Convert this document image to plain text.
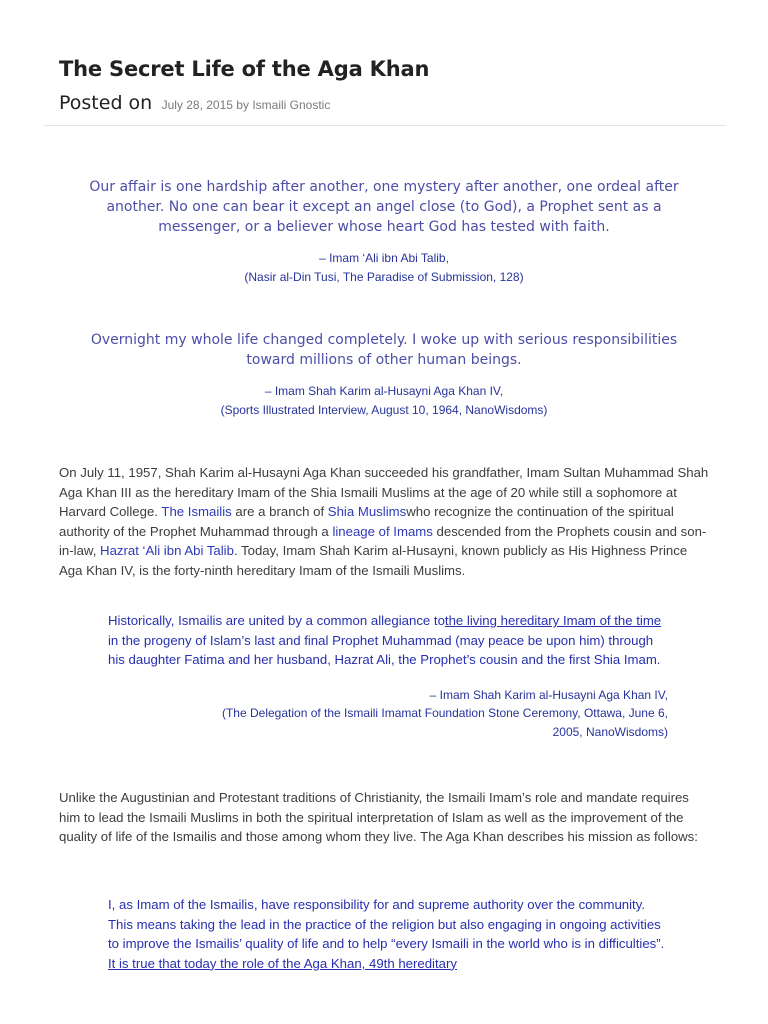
The Secret Life of the Aga Khan
Posted on July 28, 2015 by Ismaili Gnostic

Our affair is one hardship after another, one mystery after another, one ordeal after another. No one can bear it except an angel close (to God), a Prophet sent as a messenger, or a believer whose heart God has tested with faith.

– Imam ‘Ali ibn Abi Talib,

(Nasir al-Din Tusi, The Paradise of Submission, 128)

Overnight my whole life changed completely. I woke up with serious responsibilities toward millions of other human beings.

– Imam Shah Karim al-Husayni Aga Khan IV,

(Sports Illustrated Interview, August 10, 1964, NanoWisdoms)

On July 11, 1957, Shah Karim al-Husayni Aga Khan succeeded his grandfather, Imam Sultan Muhammad Shah Aga Khan III as the hereditary Imam of the Shia Ismaili Muslims at the age of 20 while still a sophomore at Harvard College. The Ismailis are a branch of Shia Muslimswho recognize the continuation of the spiritual authority of the Prophet Muhammad through a lineage of Imams descended from the Prophets cousin and son-in-law, Hazrat ‘Ali ibn Abi Talib. Today, Imam Shah Karim al-Husayni, known publicly as His Highness Prince Aga Khan IV, is the forty-ninth hereditary Imam of the Ismaili Muslims.

Historically, Ismailis are united by a common allegiance tothe living hereditary Imam of the time in the progeny of Islam’s last and final Prophet Muhammad (may peace be upon him) through his daughter Fatima and her husband, Hazrat Ali, the Prophet’s cousin and the first Shia Imam.

– Imam Shah Karim al-Husayni Aga Khan IV,

(The Delegation of the Ismaili Imamat Foundation Stone Ceremony, Ottawa, June 6,

2005, NanoWisdoms)

Unlike the Augustinian and Protestant traditions of Christianity, the Ismaili Imam’s role and mandate requires him to lead the Ismaili Muslims in both the spiritual interpretation of Islam as well as the improvement of the quality of life of the Ismailis and those among whom they live. The Aga Khan describes his mission as follows:

I, as Imam of the Ismailis, have responsibility for and supreme authority over the community. This means taking the lead in the practice of the religion but also engaging in ongoing activities to improve the Ismailis’ quality of life and to help “every Ismaili in the world who is in difficulties”. It is true that today the role of the Aga Khan, 49th hereditary
